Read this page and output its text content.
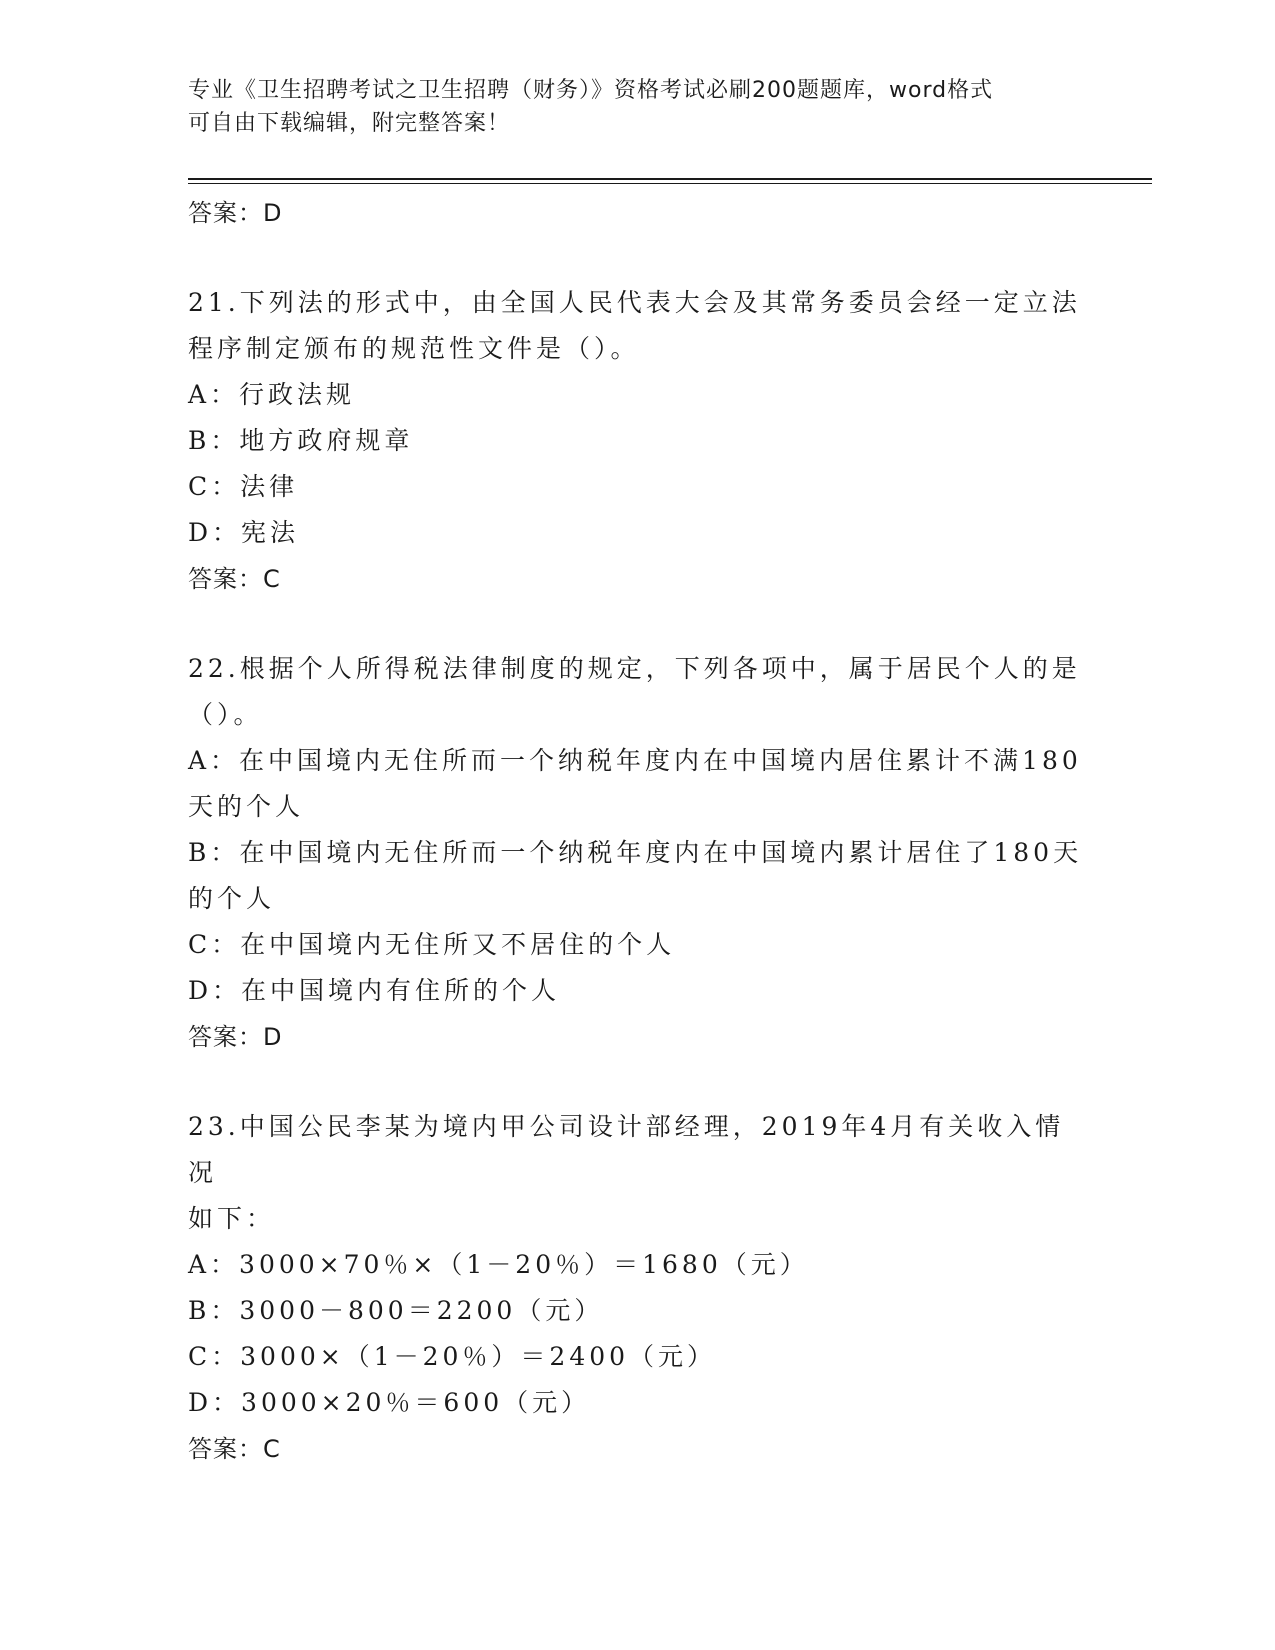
专业《卫生招聘考试之卫生招聘（财务）》资格考试必刷200题题库，word格式
可自由下载编辑，附完整答案！
答案：D
21.下列法的形式中，由全国人民代表大会及其常务委员会经一定立法
程序制定颁布的规范性文件是（）。
A：行政法规
B：地方政府规章
C：法律
D：宪法
答案：C
22.根据个人所得税法律制度的规定，下列各项中，属于居民个人的是
（）。
A：在中国境内无住所而一个纳税年度内在中国境内居住累计不满180
天的个人
B：在中国境内无住所而一个纳税年度内在中国境内累计居住了180天
的个人
C：在中国境内无住所又不居住的个人
D：在中国境内有住所的个人
答案：D
23.中国公民李某为境内甲公司设计部经理，2019年4月有关收入情况
如下：
A：3000×70％×（1－20％）＝1680（元）
B：3000－800＝2200（元）
C：3000×（1－20％）＝2400（元）
D：3000×20％＝600（元）
答案：C
